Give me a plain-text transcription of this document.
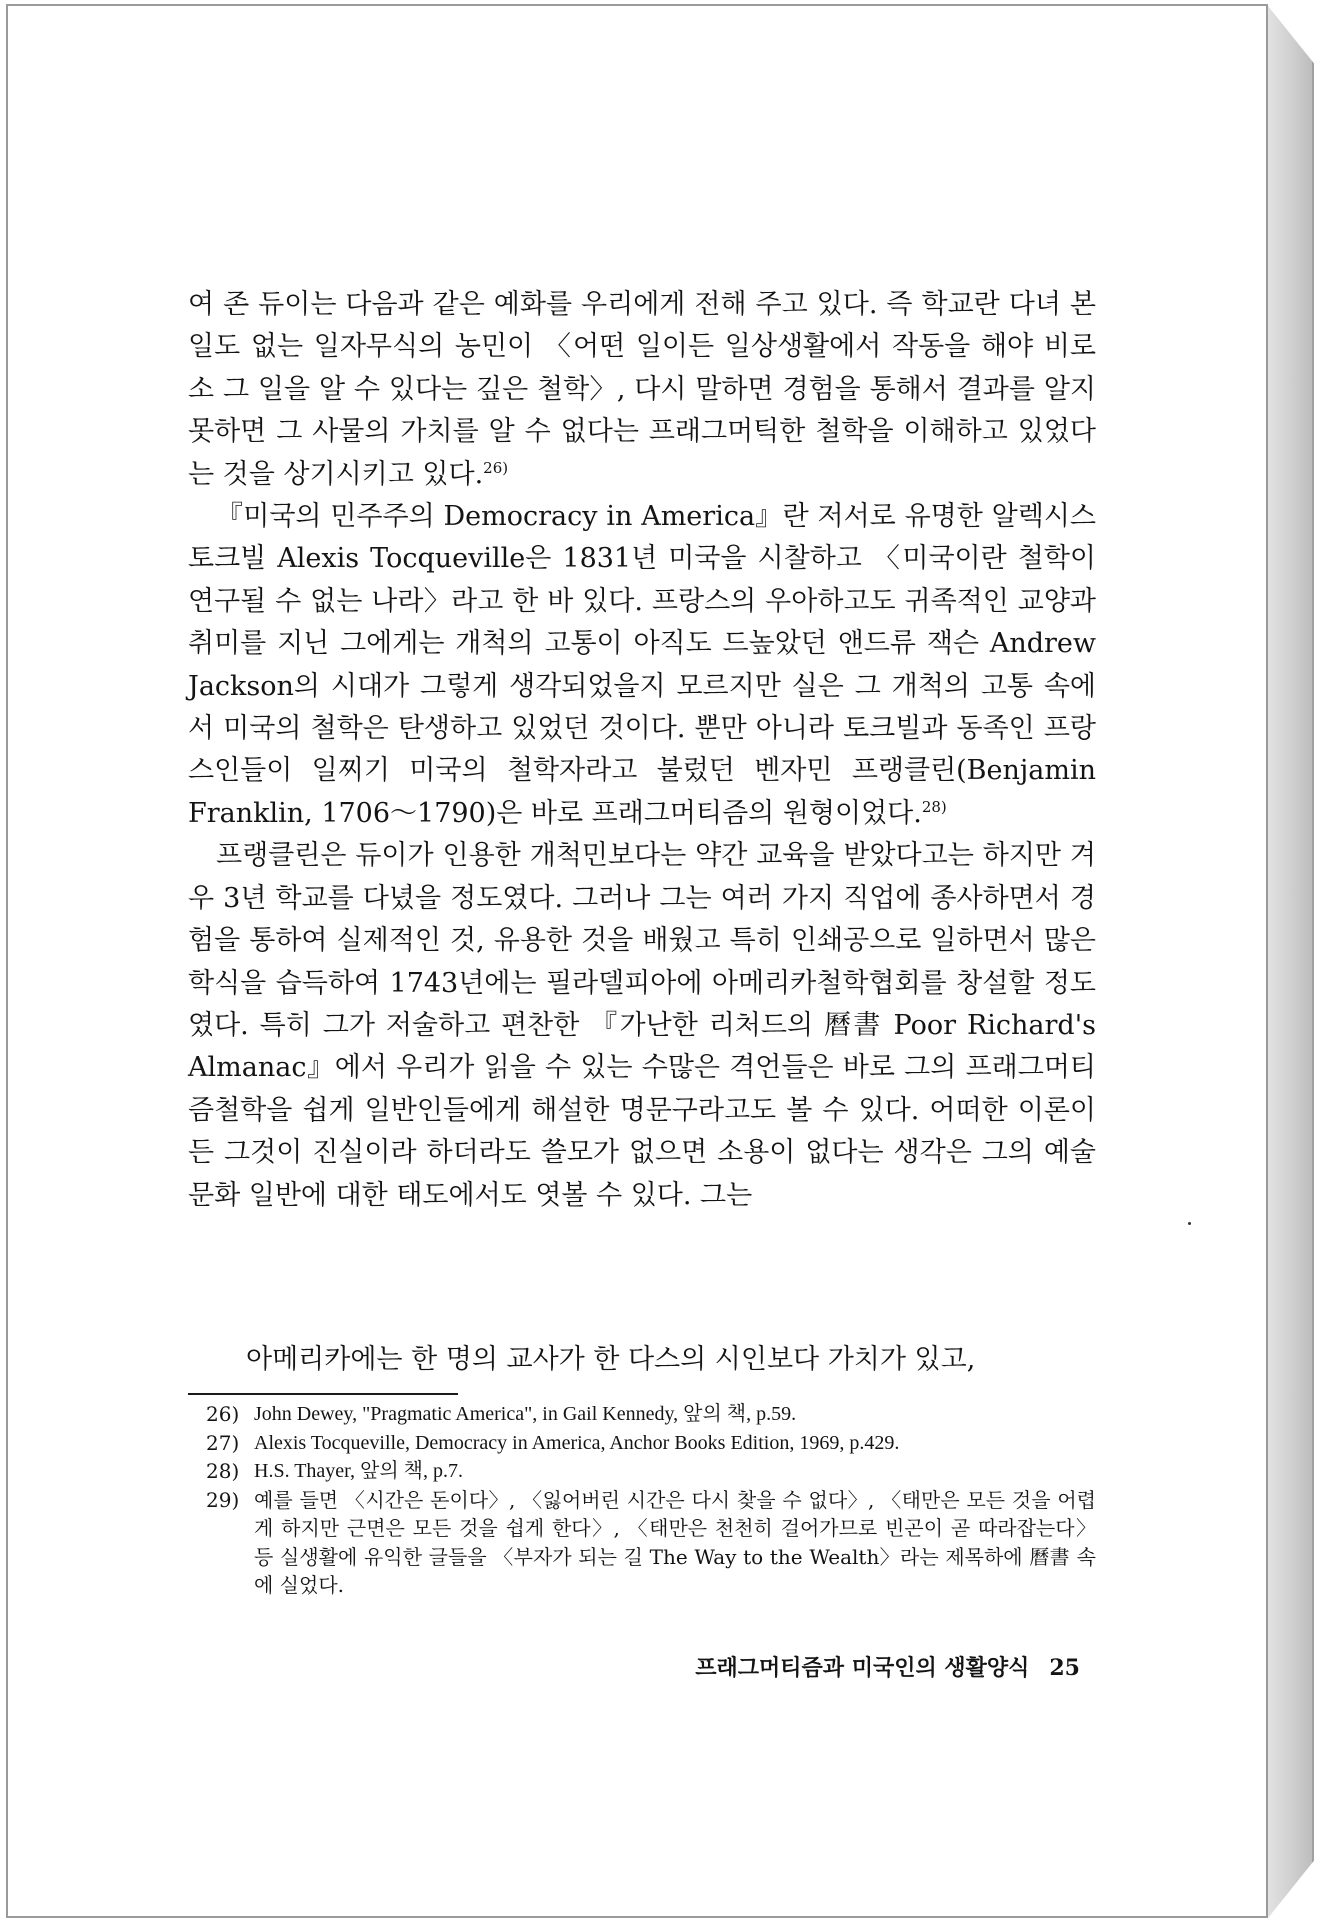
여 존 듀이는 다음과 같은 예화를 우리에게 전해 주고 있다. 즉 학교란 다녀 본 일도 없는 일자무식의 농민이 〈어떤 일이든 일상생활에서 작동을 해야 비로소 그 일을 알 수 있다는 깊은 철학〉, 다시 말하면 경험을 통해서 결과를 알지 못하면 그 사물의 가치를 알 수 없다는 프래그머틱한 철학을 이해하고 있었다는 것을 상기시키고 있다.$^{26)}$

『미국의 민주주의 Democracy in America』란 저서로 유명한 알렉시스 토크빌 Alexis Tocqueville은 1831년 미국을 시찰하고 〈미국이란 철학이 연구될 수 없는 나라〉라고 한 바 있다. 프랑스의 우아하고도 귀족적인 교양과 취미를 지닌 그에게는 개척의 고통이 아직도 드높았던 앤드류 잭슨 Andrew Jackson의 시대가 그렇게 생각되었을지 모르지만 실은 그 개척의 고통 속에서 미국의 철학은 탄생하고 있었던 것이다. 뿐만 아니라 토크빌과 동족인 프랑스인들이 일찌기 미국의 철학자라고 불렀던 벤자민 프랭클린(Benjamin Franklin, 1706～1790)은 바로 프래그머티즘의 원형이었다.$^{28)}$

프랭클린은 듀이가 인용한 개척민보다는 약간 교육을 받았다고는 하지만 겨우 3년 학교를 다녔을 정도였다. 그러나 그는 여러 가지 직업에 종사하면서 경험을 통하여 실제적인 것, 유용한 것을 배웠고 특히 인쇄공으로 일하면서 많은 학식을 습득하여 1743년에는 필라델피아에 아메리카철학협회를 창설할 정도였다. 특히 그가 저술하고 편찬한 『가난한 리처드의 曆書 Poor Richard's Almanac』에서 우리가 읽을 수 있는 수많은 격언들은 바로 그의 프래그머티즘철학을 쉽게 일반인들에게 해설한 명문구라고도 볼 수 있다. 어떠한 이론이든 그것이 진실이라 하더라도 쓸모가 없으면 소용이 없다는 생각은 그의 예술문화 일반에 대한 태도에서도 엿볼 수 있다. 그는

아메리카에는 한 명의 교사가 한 다스의 시인보다 가치가 있고,
26) John Dewey, "Pragmatic America", in Gail Kennedy, 앞의 책, p.59.
27) Alexis Tocqueville, Democracy in America, Anchor Books Edition, 1969, p.429.
28) H.S. Thayer, 앞의 책, p.7.
29) 예를 들면 〈시간은 돈이다〉, 〈잃어버린 시간은 다시 찾을 수 없다〉, 〈태만은 모든 것을 어렵게 하지만 근면은 모든 것을 쉽게 한다〉, 〈태만은 천천히 걸어가므로 빈곤이 곧 따라잡는다〉 등 실생활에 유익한 글들을 〈부자가 되는 길 The Way to the Wealth〉라는 제목하에 曆書 속에 실었다.
프래그머티즘과 미국인의 생활양식 25
